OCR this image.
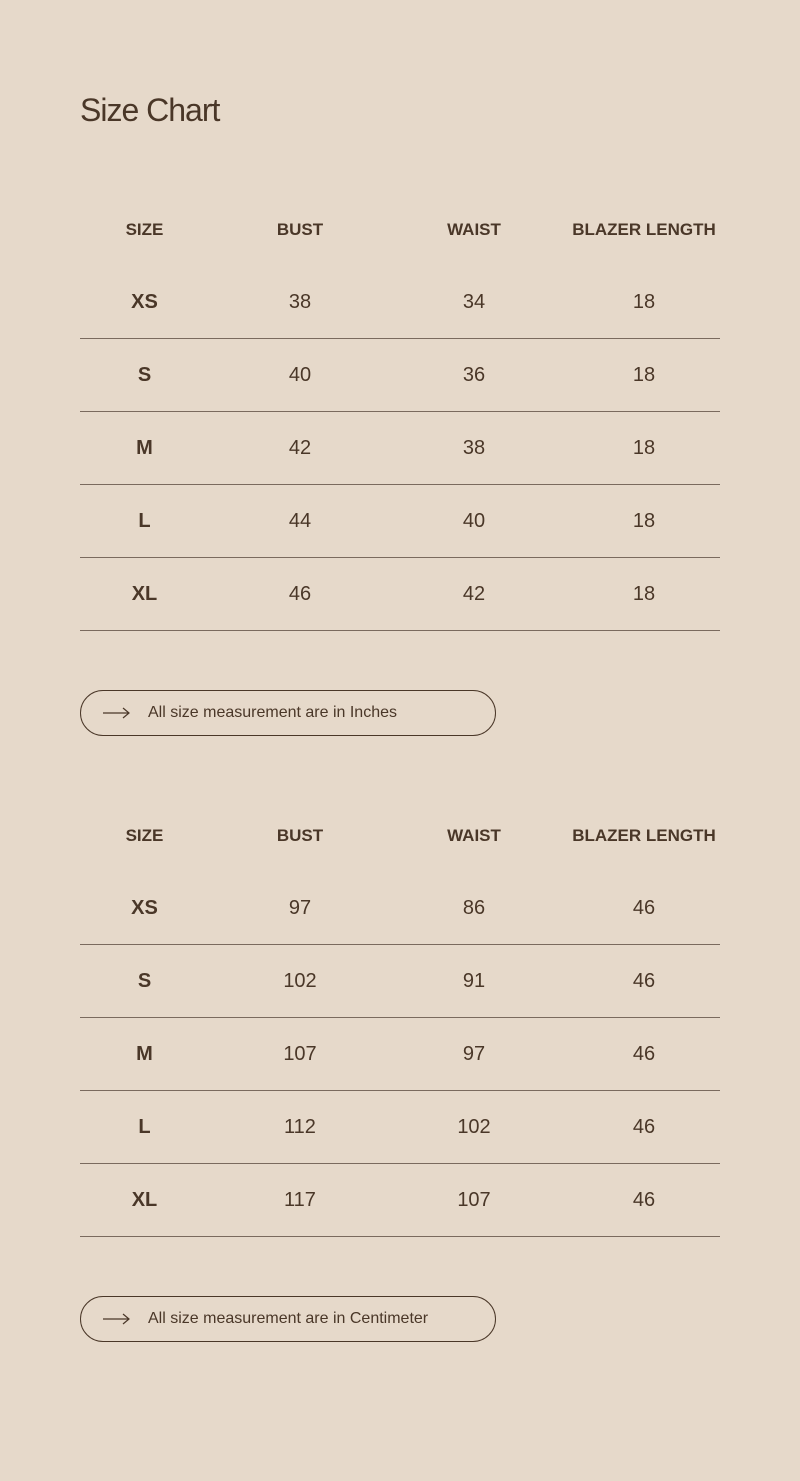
Size Chart
SIZE	BUST	WAIST	BLAZER LENGTH
XS	38	34	18
S	40	36	18
M	42	38	18
L	44	40	18
XL	46	42	18
All size measurement are in Inches
SIZE	BUST	WAIST	BLAZER LENGTH
XS	97	86	46
S	102	91	46
M	107	97	46
L	112	102	46
XL	117	107	46
All size measurement are in Centimeter
